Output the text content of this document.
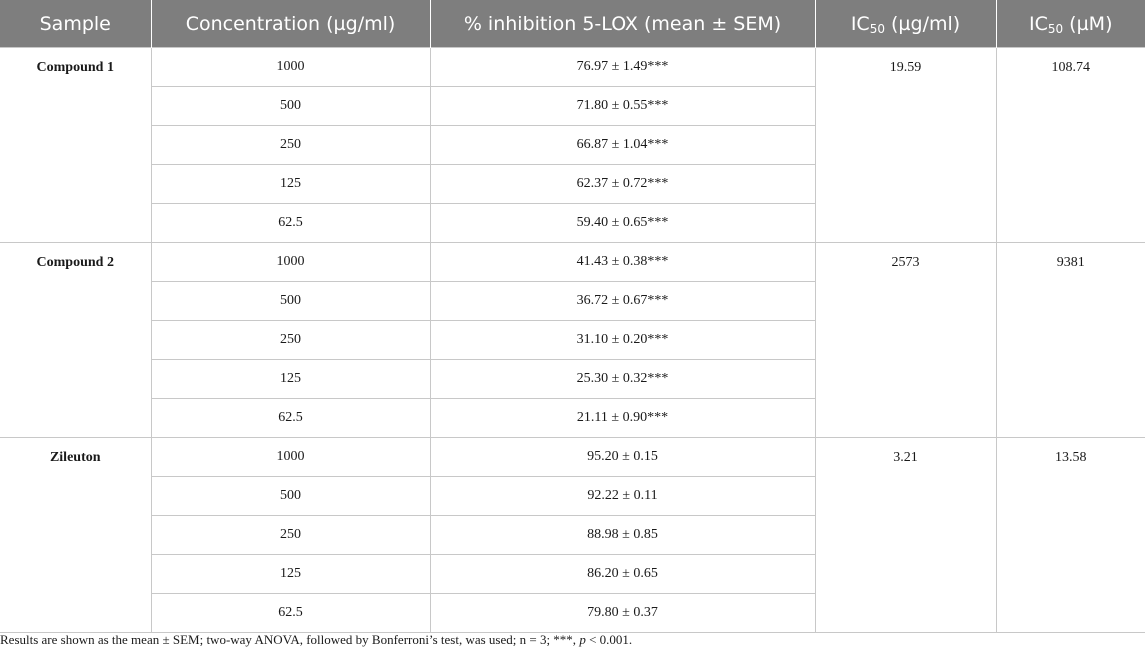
Sample	Concentration (µg/ml)	% inhibition 5-LOX (mean ± SEM)	$IC_{50}$ (µg/ml)	$IC_{50}$ (µM)
Compound 1	1000	76.97 ± 1.49***	19.59	108.74
	500	71.80 ± 0.55***		
	250	66.87 ± 1.04***		
	125	62.37 ± 0.72***		
	62.5	59.40 ± 0.65***		
Compound 2	1000	41.43 ± 0.38***	2573	9381
	500	36.72 ± 0.67***		
	250	31.10 ± 0.20***		
	125	25.30 ± 0.32***		
	62.5	21.11 ± 0.90***		
Zileuton	1000	95.20 ± 0.15	3.21	13.58
	500	92.22 ± 0.11		
	250	88.98 ± 0.85		
	125	86.20 ± 0.65		
	62.5	79.80 ± 0.37		
Results are shown as the mean ± SEM; two-way ANOVA, followed by Bonferroni’s test, was used; n = 3; ***, p < 0.001.
